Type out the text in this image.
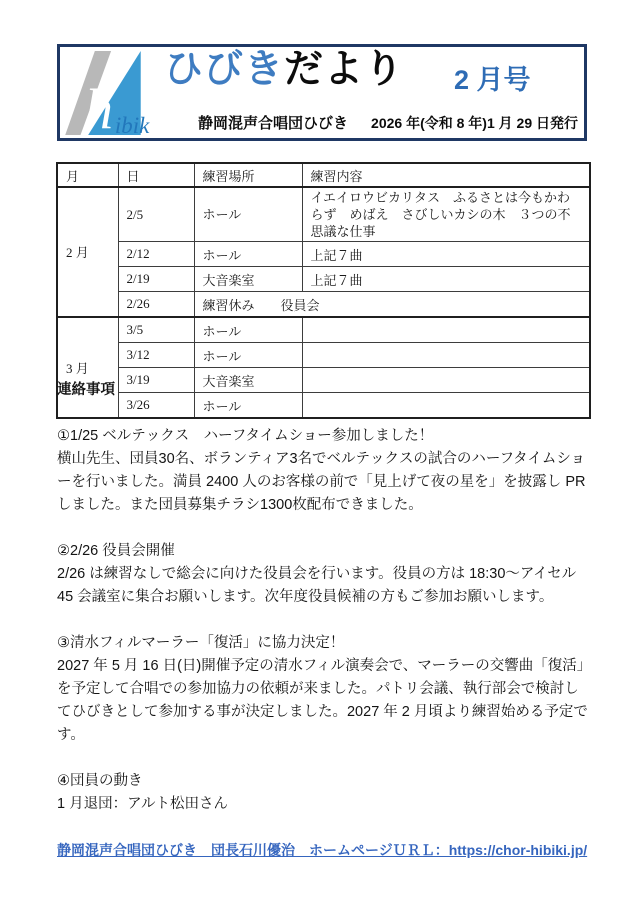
h ibik
ひびきだより 2 月号
静岡混声合唱団ひびき 2026 年(令和 8 年)1 月 29 日発行
月	日	練習場所	練習内容
2 月	2/5	ホール	イエイロウビカリタス　ふるさとは今もかわらず　めばえ　さびしいカシの木　３つの不思議な仕事
	2/12	ホール	上記７曲
	2/19	大音楽室	上記７曲
	2/26	練習休み　　役員会	
3 月	3/5	ホール	
	3/12	ホール	
	3/19	大音楽室	
	3/26	ホール	
連絡事項
①1/25 ベルテックス　ハーフタイムショー参加しました！
横山先生、団員30名、ボランティア3名でベルテックスの試合のハーフタイムショーを行いました。満員 2400 人のお客様の前で「見上げて夜の星を」を披露し PR しました。また団員募集チラシ1300枚配布できました。
②2/26 役員会開催
2/26 は練習なしで総会に向けた役員会を行います。役員の方は 18:30～アイセル 45 会議室に集合お願いします。次年度役員候補の方もご参加お願いします。
③清水フィルマーラー「復活」に協力決定！
2027 年 5 月 16 日(日)開催予定の清水フィル演奏会で、マーラーの交響曲「復活」を予定して合唱での参加協力の依頼が来ました。パトリ会議、執行部会で検討してひびきとして参加する事が決定しました。2027 年 2 月頃より練習始める予定です。
④団員の動き
1 月退団：アルト松田さん
静岡混声合唱団ひびき　団長石川優治　ホームページＵＲＬ：https://chor-hibiki.jp/
